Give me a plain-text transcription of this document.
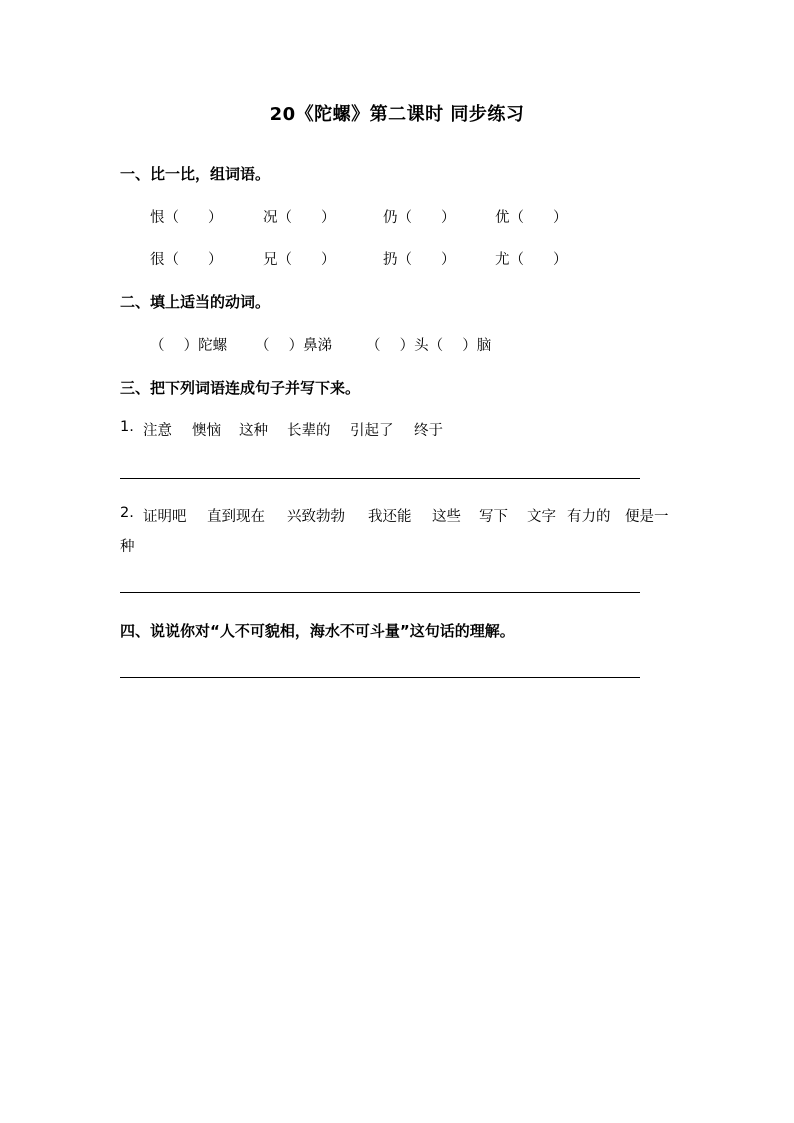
20《陀螺》第二课时 同步练习
一、比一比，组词语。
恨（　　）	况（　　）	仍（　　）	优（　　）
很（　　）	兄（　　）	扔（　　）	尤（　　）
二、填上适当的动词。
（　 ）陀螺 （　 ）鼻涕 （　 ）头（　 ）脑
三、把下列词语连成句子并写下来。
1. 注意 懊恼 这种 长辈的 引起了 终于
2. 证明吧 直到现在 兴致勃勃 我还能 这些 写下 文字 有力的 便是一
种
四、说说你对“人不可貌相，海水不可斗量”这句话的理解。
